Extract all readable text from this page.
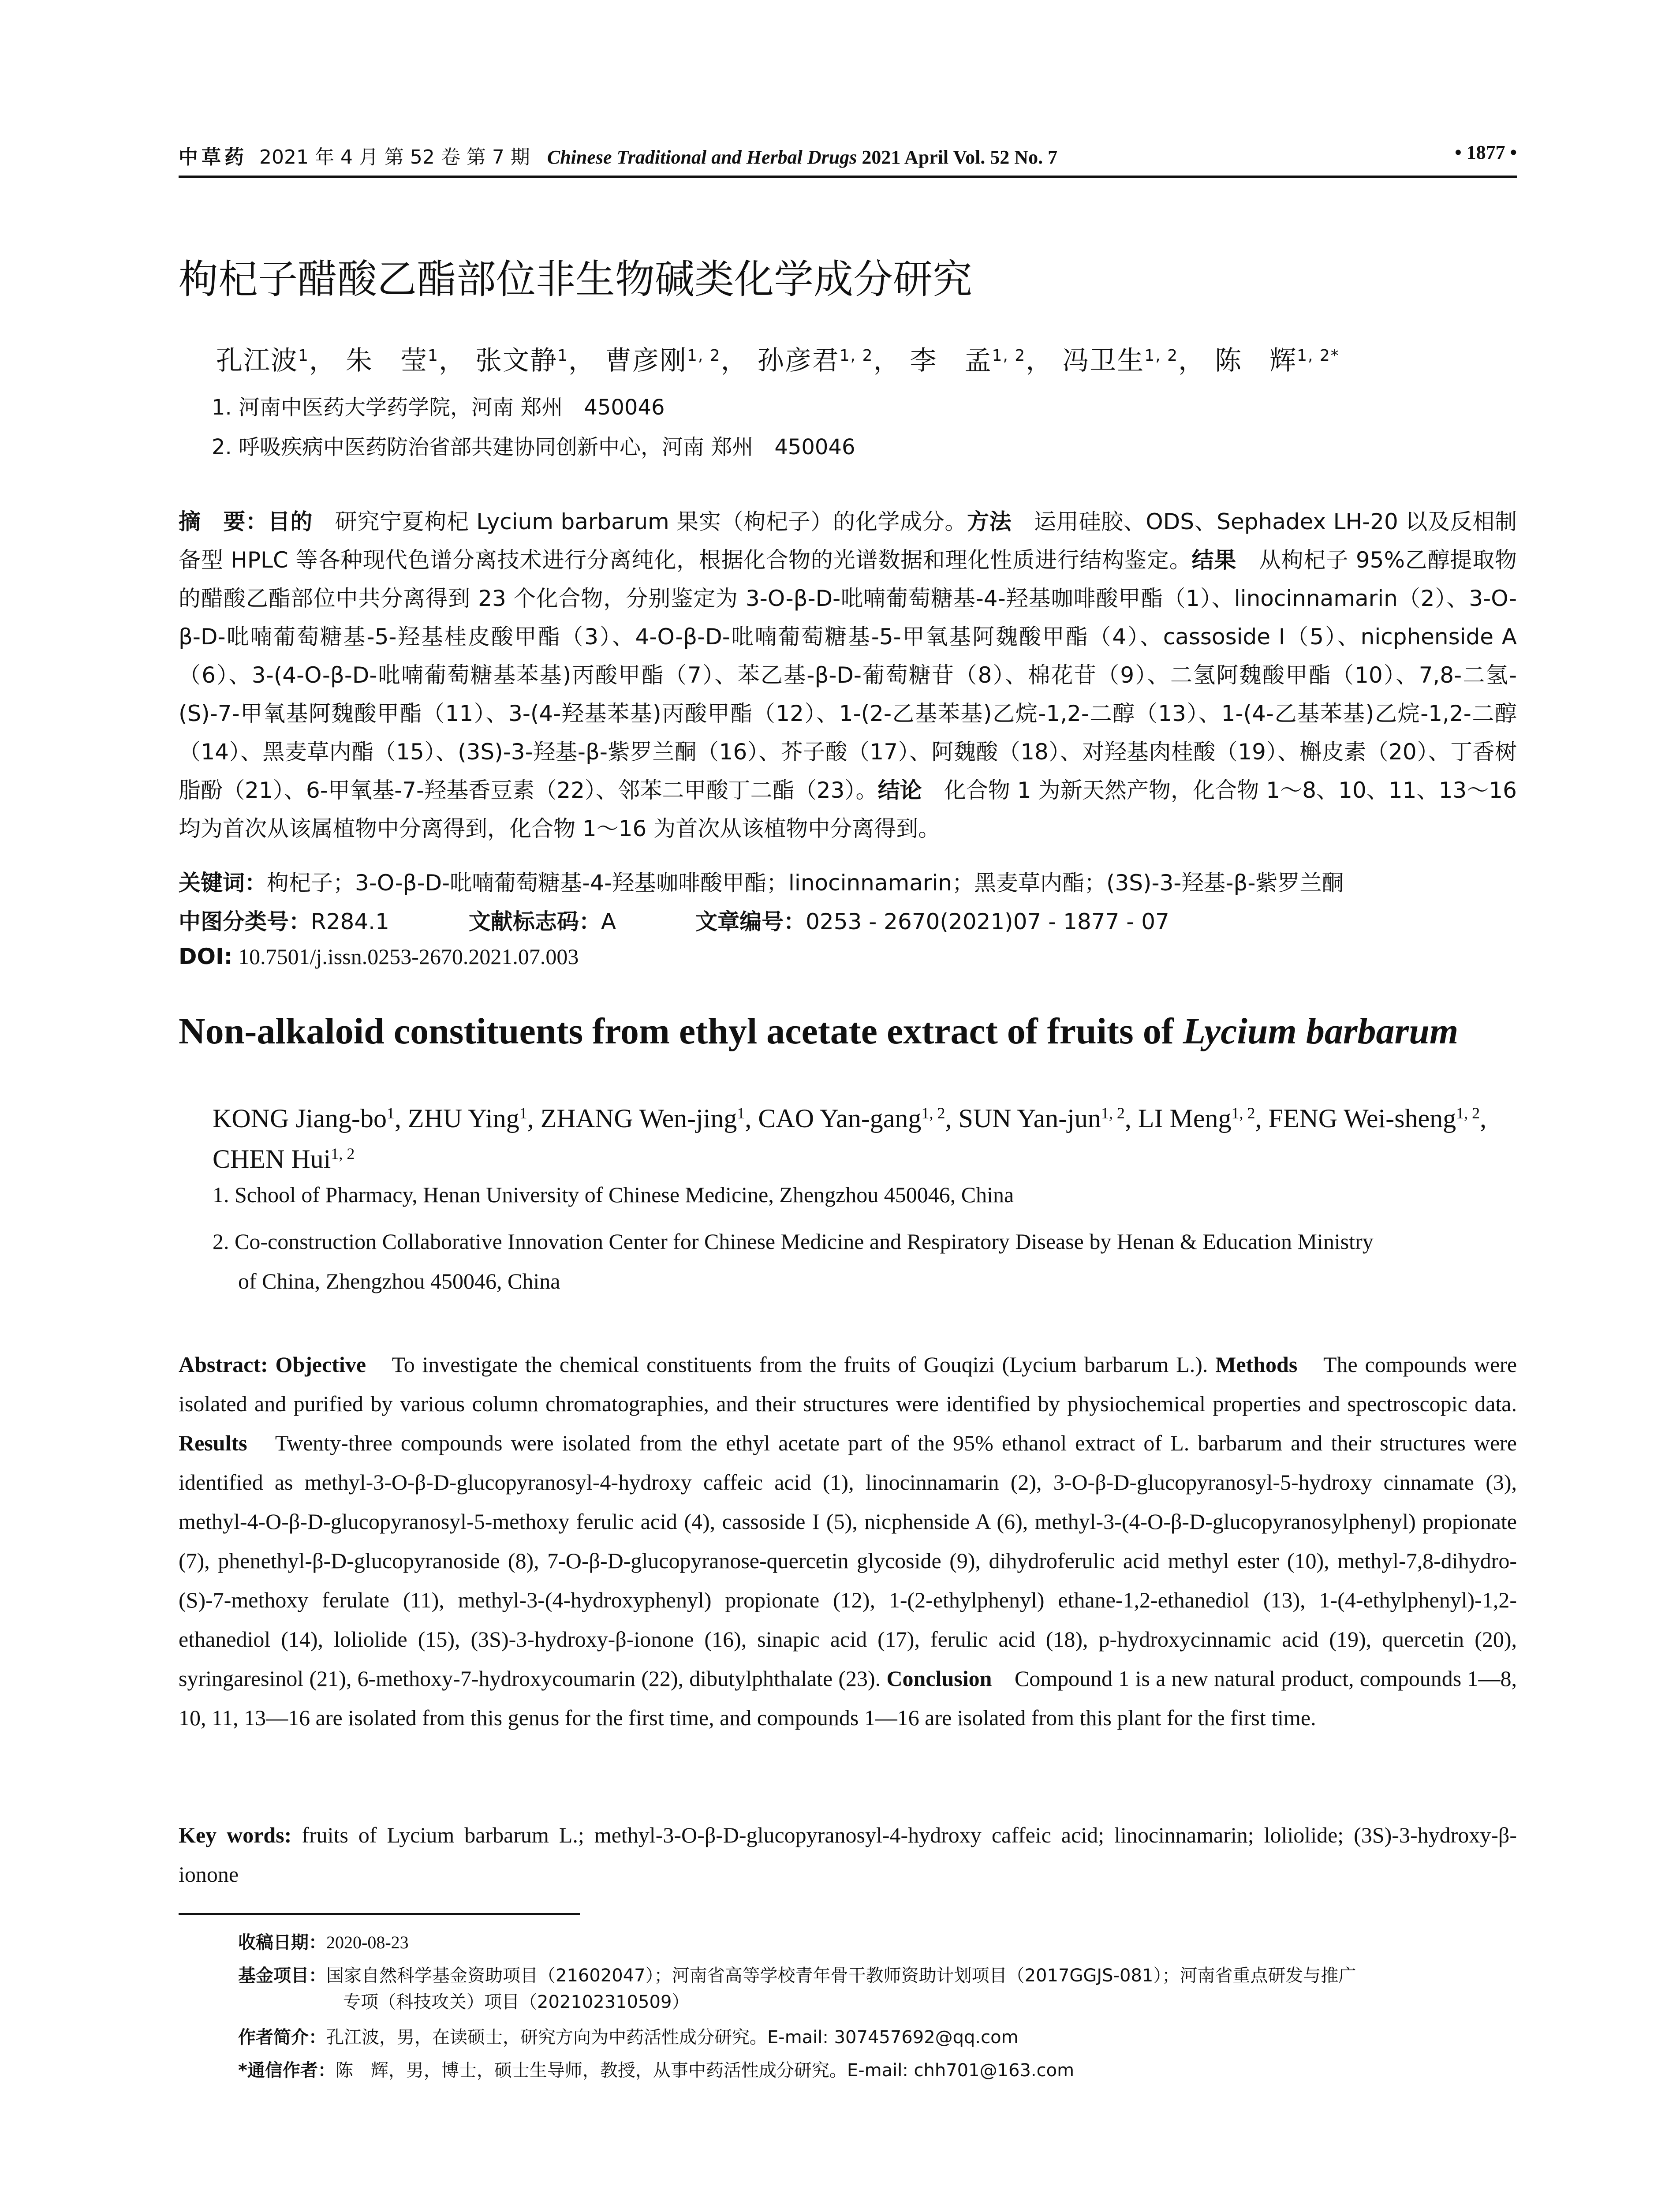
中草药 2021 年 4 月 第 52 卷 第 7 期 Chinese Traditional and Herbal Drugs 2021 April Vol. 52 No. 7	• 1877 •
枸杞子醋酸乙酯部位非生物碱类化学成分研究
孔江波$^1$， 朱　莹$^1$， 张文静$^1$， 曹彦刚$^{1, 2}$， 孙彦君$^{1, 2}$， 李　孟$^{1, 2}$， 冯卫生$^{1, 2}$， 陈　辉$^{1, 2*}$
1. 河南中医药大学药学院，河南 郑州　450046
2. 呼吸疾病中医药防治省部共建协同创新中心，河南 郑州　450046
摘　要：目的　研究宁夏枸杞 Lycium barbarum 果实（枸杞子）的化学成分。方法　运用硅胶、ODS、Sephadex LH-20 以及反相制备型 HPLC 等各种现代色谱分离技术进行分离纯化，根据化合物的光谱数据和理化性质进行结构鉴定。结果　从枸杞子 95%乙醇提取物的醋酸乙酯部位中共分离得到 23 个化合物，分别鉴定为 3-O-β-D-吡喃葡萄糖基-4-羟基咖啡酸甲酯（1）、linocinnamarin（2）、3-O-β-D-吡喃葡萄糖基-5-羟基桂皮酸甲酯（3）、4-O-β-D-吡喃葡萄糖基-5-甲氧基阿魏酸甲酯（4）、cassoside I（5）、nicphenside A（6）、3-(4-O-β-D-吡喃葡萄糖基苯基)丙酸甲酯（7）、苯乙基-β-D-葡萄糖苷（8）、棉花苷（9）、二氢阿魏酸甲酯（10）、7,8-二氢-(S)-7-甲氧基阿魏酸甲酯（11）、3-(4-羟基苯基)丙酸甲酯（12）、1-(2-乙基苯基)乙烷-1,2-二醇（13）、1-(4-乙基苯基)乙烷-1,2-二醇（14）、黑麦草内酯（15）、(3S)-3-羟基-β-紫罗兰酮（16）、芥子酸（17）、阿魏酸（18）、对羟基肉桂酸（19）、槲皮素（20）、丁香树脂酚（21）、6-甲氧基-7-羟基香豆素（22）、邻苯二甲酸丁二酯（23）。结论　化合物 1 为新天然产物，化合物 1～8、10、11、13～16 均为首次从该属植物中分离得到，化合物 1～16 为首次从该植物中分离得到。
关键词：枸杞子；3-O-β-D-吡喃葡萄糖基-4-羟基咖啡酸甲酯；linocinnamarin；黑麦草内酯；(3S)-3-羟基-β-紫罗兰酮
中图分类号：R284.1	文献标志码：A	文章编号：0253 - 2670(2021)07 - 1877 - 07
DOI: 10.7501/j.issn.0253-2670.2021.07.003
Non-alkaloid constituents from ethyl acetate extract of fruits of Lycium barbarum
KONG Jiang-$bo^1$, ZHU Ying$^1$, ZHANG Wen-jing$^1$, CAO Yan-gang$^{1, 2}$, SUN Yan-jun$^{1, 2}$, LI Meng$^{1, 2}$, FENG Wei-sheng$^{1, 2}$, CHEN Hui$^{1, 2}$
1. School of Pharmacy, Henan University of Chinese Medicine, Zhengzhou 450046, China
2. Co-construction Collaborative Innovation Center for Chinese Medicine and Respiratory Disease by Henan & Education Ministry
of China, Zhengzhou 450046, China
Abstract: Objective　To investigate the chemical constituents from the fruits of Gouqizi (Lycium barbarum L.). Methods　The compounds were isolated and purified by various column chromatographies, and their structures were identified by physiochemical properties and spectroscopic data. Results　Twenty-three compounds were isolated from the ethyl acetate part of the 95% ethanol extract of L. barbarum and their structures were identified as methyl-3-O-β-D-glucopyranosyl-4-hydroxy caffeic acid (1), linocinnamarin (2), 3-O-β-D-glucopyranosyl-5-hydroxy cinnamate (3), methyl-4-O-β-D-glucopyranosyl-5-methoxy ferulic acid (4), cassoside I (5), nicphenside A (6), methyl-3-(4-O-β-D-glucopyranosylphenyl) propionate (7), phenethyl-β-D-glucopyranoside (8), 7-O-β-D-glucopyranose-quercetin glycoside (9), dihydroferulic acid methyl ester (10), methyl-7,8-dihydro-(S)-7-methoxy ferulate (11), methyl-3-(4-hydroxyphenyl) propionate (12), 1-(2-ethylphenyl) ethane-1,2-ethanediol (13), 1-(4-ethylphenyl)-1,2-ethanediol (14), loliolide (15), (3S)-3-hydroxy-β-ionone (16), sinapic acid (17), ferulic acid (18), p-hydroxycinnamic acid (19), quercetin (20), syringaresinol (21), 6-methoxy-7-hydroxycoumarin (22), dibutylphthalate (23). Conclusion　Compound 1 is a new natural product, compounds 1—8, 10, 11, 13—16 are isolated from this genus for the first time, and compounds 1—16 are isolated from this plant for the first time.
Key words: fruits of Lycium barbarum L.; methyl-3-O-β-D-glucopyranosyl-4-hydroxy caffeic acid; linocinnamarin; loliolide; (3S)-3-hydroxy-β-ionone
收稿日期：2020-08-23
基金项目：国家自然科学基金资助项目（21602047）；河南省高等学校青年骨干教师资助计划项目（2017GGJS-081）；河南省重点研发与推广
专项（科技攻关）项目（202102310509）
作者简介：孔江波，男，在读硕士，研究方向为中药活性成分研究。E-mail: 307457692@qq.com
*通信作者：陈　辉，男，博士，硕士生导师，教授，从事中药活性成分研究。E-mail: chh701@163.com
